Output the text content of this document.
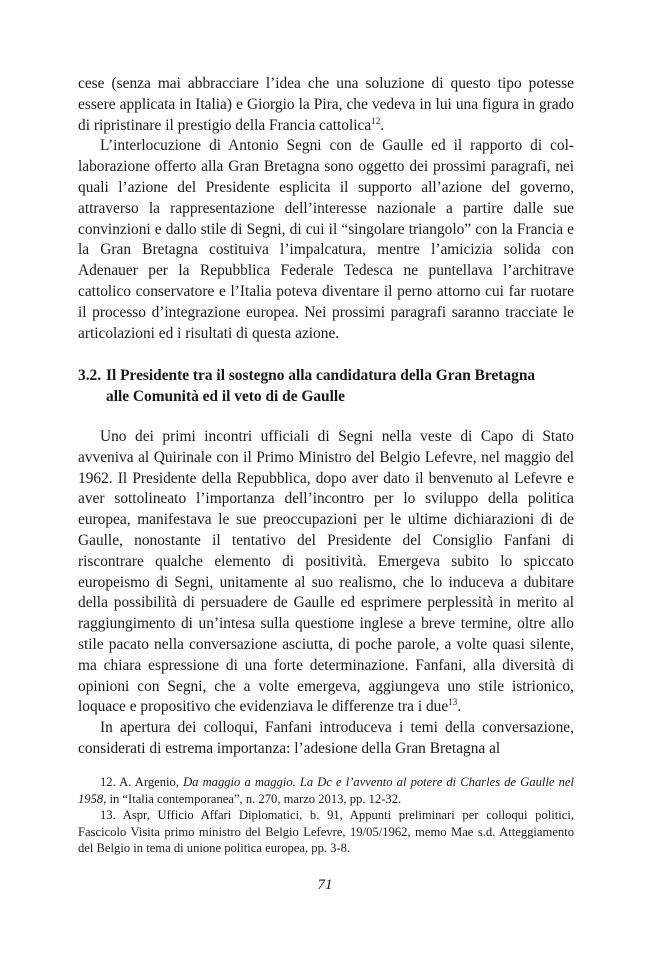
cese (senza mai abbracciare l’idea che una soluzione di questo tipo potesse essere applicata in Italia) e Giorgio la Pira, che vedeva in lui una figura in grado di ripristinare il prestigio della Francia cattolica$^{12}$.

L’interlocuzione di Antonio Segni con de Gaulle ed il rapporto di collaborazione offerto alla Gran Bretagna sono oggetto dei prossimi paragrafi, nei quali l’azione del Presidente esplicita il supporto all’azione del governo, attraverso la rappresentazione dell’interesse nazionale a partire dalle sue convinzioni e dallo stile di Segni, di cui il “singolare triangolo” con la Francia e la Gran Bretagna costituiva l’impalcatura, mentre l’amicizia solida con Adenauer per la Repubblica Federale Tedesca ne puntellava l’architrave cattolico conservatore e l’Italia poteva diventare il perno attorno cui far ruotare il processo d’integrazione europea. Nei prossimi paragrafi saranno tracciate le articolazioni ed i risultati di questa azione.

3.2. Il Presidente tra il sostegno alla candidatura della Gran Bretagna
alle Comunità ed il veto di de Gaulle

Uno dei primi incontri ufficiali di Segni nella veste di Capo di Stato avveniva al Quirinale con il Primo Ministro del Belgio Lefevre, nel maggio del 1962. Il Presidente della Repubblica, dopo aver dato il benvenuto al Lefevre e aver sottolineato l’importanza dell’incontro per lo sviluppo della politica europea, manifestava le sue preoccupazioni per le ultime dichiarazioni di de Gaulle, nonostante il tentativo del Presidente del Consiglio Fanfani di riscontrare qualche elemento di positività. Emergeva subito lo spiccato europeismo di Segni, unitamente al suo realismo, che lo induceva a dubitare della possibilità di persuadere de Gaulle ed esprimere perplessità in merito al raggiungimento di un’intesa sulla questione inglese a breve termine, oltre allo stile pacato nella conversazione asciutta, di poche parole, a volte quasi silente, ma chiara espressione di una forte determinazione. Fanfani, alla diversità di opinioni con Segni, che a volte emergeva, aggiungeva uno stile istrionico, loquace e propositivo che evidenziava le differenze tra i due$^{13}$.

In apertura dei colloqui, Fanfani introduceva i temi della conversazione, considerati di estrema importanza: l’adesione della Gran Bretagna al

12. A. Argenio, Da maggio a maggio. La Dc e l’avvento al potere di Charles de Gaulle nel 1958, in “Italia contemporanea”, n. 270, marzo 2013, pp. 12-32.

13. Aspr, Ufficio Affari Diplomatici, b. 91, Appunti preliminari per colloqui politici, Fascicolo Visita primo ministro del Belgio Lefevre, 19/05/1962, memo Mae s.d. Atteggiamento del Belgio in tema di unione politica europea, pp. 3-8.

71
